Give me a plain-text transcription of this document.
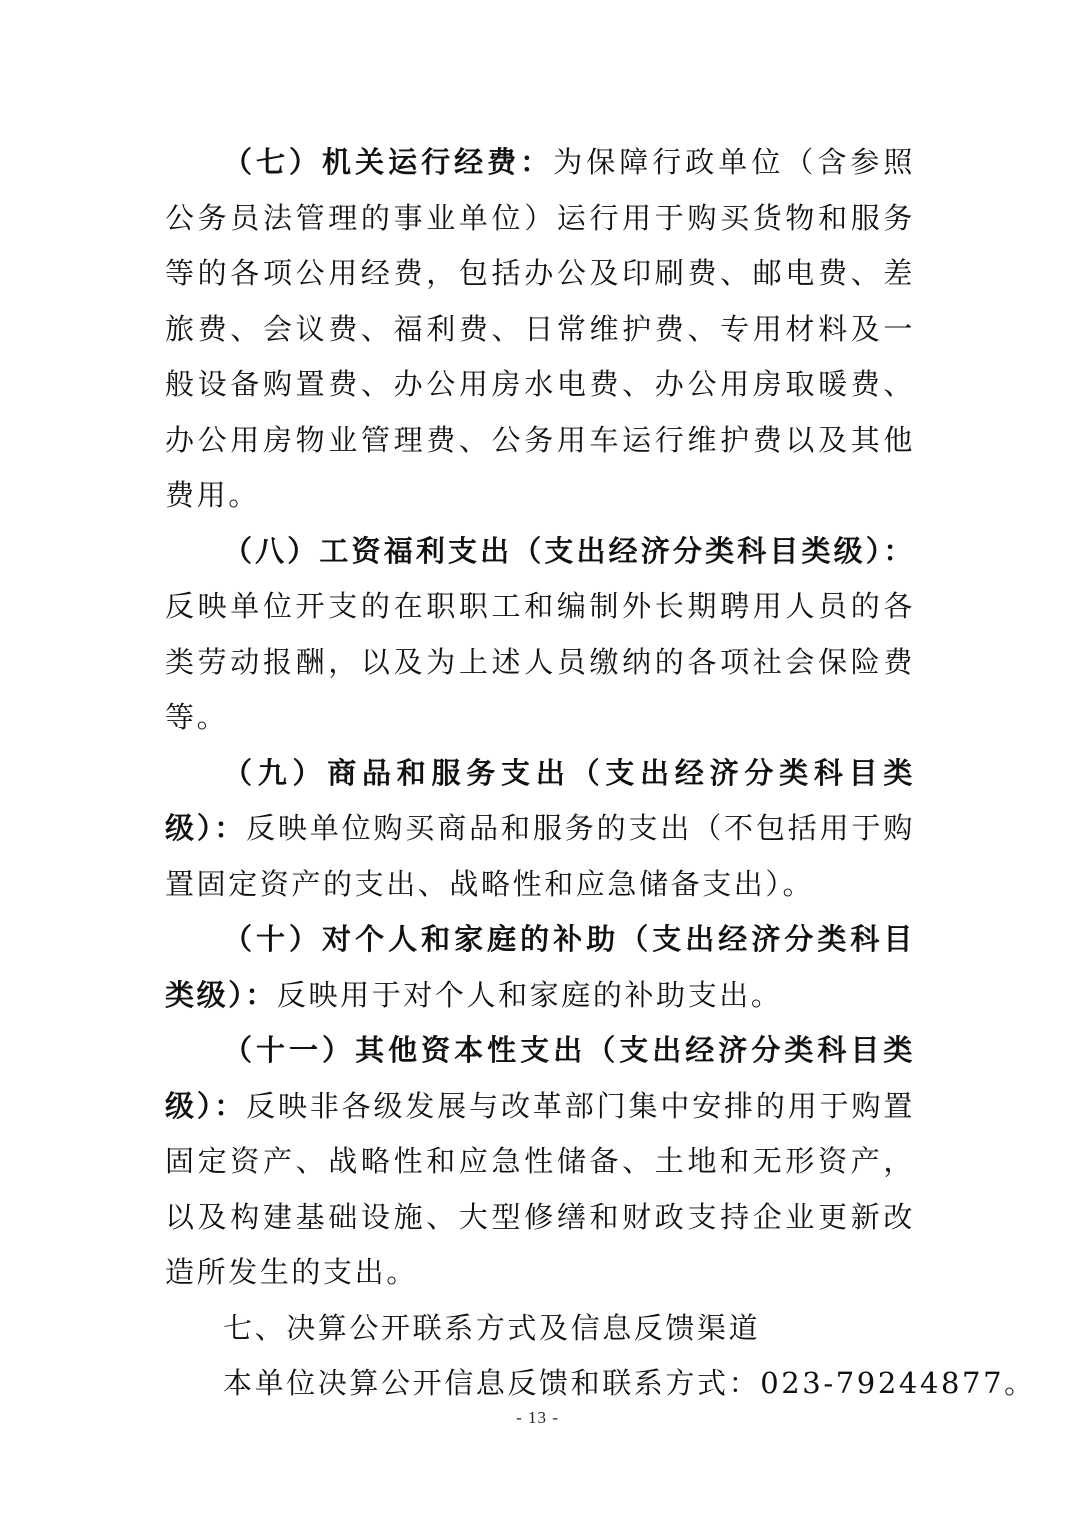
（七）机关运行经费：为保障行政单位（含参照公务员法管理的事业单位）运行用于购买货物和服务等的各项公用经费，包括办公及印刷费、邮电费、差旅费、会议费、福利费、日常维护费、专用材料及一般设备购置费、办公用房水电费、办公用房取暖费、办公用房物业管理费、公务用车运行维护费以及其他费用。

（八）工资福利支出（支出经济分类科目类级）：反映单位开支的在职职工和编制外长期聘用人员的各类劳动报酬，以及为上述人员缴纳的各项社会保险费等。

（九）商品和服务支出（支出经济分类科目类级）：反映单位购买商品和服务的支出（不包括用于购置固定资产的支出、战略性和应急储备支出）。

（十）对个人和家庭的补助（支出经济分类科目类级）：反映用于对个人和家庭的补助支出。

（十一）其他资本性支出（支出经济分类科目类级）：反映非各级发展与改革部门集中安排的用于购置固定资产、战略性和应急性储备、土地和无形资产，以及构建基础设施、大型修缮和财政支持企业更新改造所发生的支出。

七、决算公开联系方式及信息反馈渠道

本单位决算公开信息反馈和联系方式：023-79244877。

- 13 -
